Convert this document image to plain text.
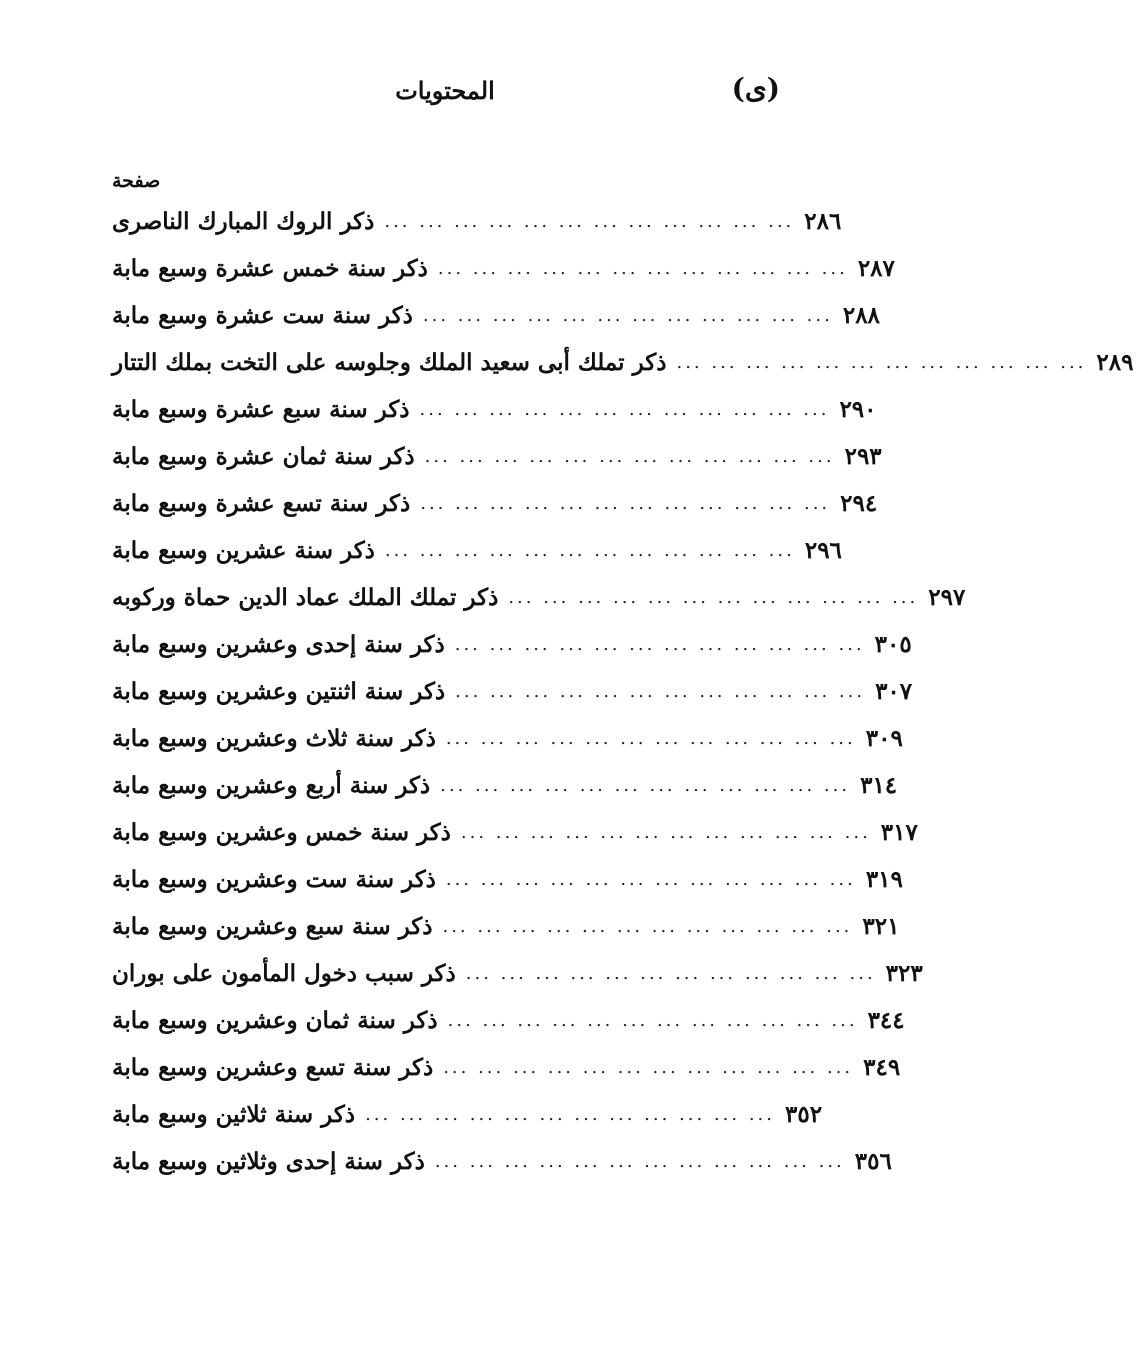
(ى)
المحتويات
صفحة
ذكر الروك المبارك الناصرى ... ... ... ... ... ... ... ... ... ... ... ... ٢٨٦
ذكر سنة خمس عشرة وسبع مابة ... ... ... ... ... ... ... ... ... ... ... ... ٢٨٧
ذكر سنة ست عشرة وسبع مابة ... ... ... ... ... ... ... ... ... ... ... ... ٢٨٨
ذكر تملك أبى سعيد الملك وجلوسه على التخت بملك التتار ... ... ... ... ... ... ... ... ... ... ... ... ٢٨٩
ذكر سنة سبع عشرة وسبع مابة ... ... ... ... ... ... ... ... ... ... ... ... ٢٩٠
ذكر سنة ثمان عشرة وسبع مابة ... ... ... ... ... ... ... ... ... ... ... ... ٢٩٣
ذكر سنة تسع عشرة وسبع مابة ... ... ... ... ... ... ... ... ... ... ... ... ٢٩٤
ذكر سنة عشرين وسبع مابة ... ... ... ... ... ... ... ... ... ... ... ... ٢٩٦
ذكر تملك الملك عماد الدين حماة وركوبه ... ... ... ... ... ... ... ... ... ... ... ... ٢٩٧
ذكر سنة إحدى وعشرين وسبع مابة ... ... ... ... ... ... ... ... ... ... ... ... ٣٠٥
ذكر سنة اثنتين وعشرين وسبع مابة ... ... ... ... ... ... ... ... ... ... ... ... ٣٠٧
ذكر سنة ثلاث وعشرين وسبع مابة ... ... ... ... ... ... ... ... ... ... ... ... ٣٠٩
ذكر سنة أربع وعشرين وسبع مابة ... ... ... ... ... ... ... ... ... ... ... ... ٣١٤
ذكر سنة خمس وعشرين وسبع مابة ... ... ... ... ... ... ... ... ... ... ... ... ٣١٧
ذكر سنة ست وعشرين وسبع مابة ... ... ... ... ... ... ... ... ... ... ... ... ٣١٩
ذكر سنة سبع وعشرين وسبع مابة ... ... ... ... ... ... ... ... ... ... ... ... ٣٢١
ذكر سبب دخول المأمون على بوران ... ... ... ... ... ... ... ... ... ... ... ... ٣٢٣
ذكر سنة ثمان وعشرين وسبع مابة ... ... ... ... ... ... ... ... ... ... ... ... ٣٤٤
ذكر سنة تسع وعشرين وسبع مابة ... ... ... ... ... ... ... ... ... ... ... ... ٣٤٩
ذكر سنة ثلاثين وسبع مابة ... ... ... ... ... ... ... ... ... ... ... ... ٣٥٢
ذكر سنة إحدى وثلاثين وسبع مابة ... ... ... ... ... ... ... ... ... ... ... ... ٣٥٦
